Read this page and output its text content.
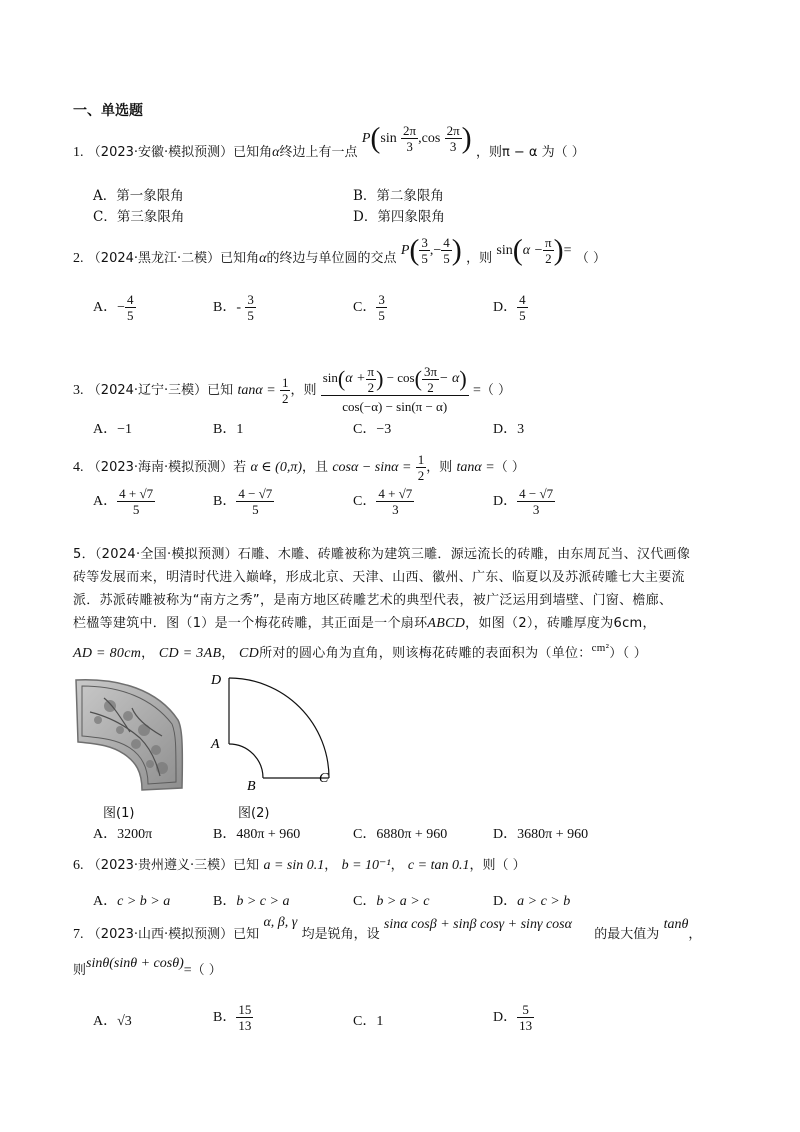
一、单选题
1. （2023·安徽·模拟预测）已知角α终边上有一点 $P(\sin \frac{2\pi}{3} ,\cos \frac{2\pi}{3}$ ) ，则π − α 为（ ）
A．第一象限角	B．第二象限角
C．第三象限角	D．第四象限角
2. （2024·黑龙江·二模）已知角α的终边与单位圆的交点 $P( \frac{3}{5}$ ,− $\frac{4}{5}$ ) ，则 $\sin(\alpha - \frac{\pi}{2}$ )= （ ）
A．− $\frac{4}{5}$	B．- $\frac{3}{5}$	C． $\frac{3}{5}$	D． $\frac{4}{5}$
3. （2024·辽宁·三模）已知 $\tan\alpha = \frac{1}{2}$ ，则 $\frac{\sin(\alpha + \frac{\pi}{2} ) - \cos( \frac{3\pi}{2} - \alpha)}{\cos(-\alpha) - \sin(\pi - \alpha)}$ =（ ）
A．−1	B．1	C．−3	D．3
4. （2023·海南·模拟预测）若 α ∈ (0,π)，且 $\cos\alpha - \sin\alpha = \frac{1}{2}$ ，则 tanα =（ ）
A． $\frac{4 + √7}{5}$	B． $\frac{4 - √7}{5}$	C． $\frac{4 + √7}{3}$	D． $\frac{4 - √7}{3}$
5．（2024·全国·模拟预测）石雕、木雕、砖雕被称为建筑三雕．源远流长的砖雕，由东周瓦当、汉代画像
砖等发展而来，明清时代进入巅峰，形成北京、天津、山西、徽州、广东、临夏以及苏派砖雕七大主要流
派．苏派砖雕被称为“南方之秀”，是南方地区砖雕艺术的典型代表，被广泛运用到墙壁、门窗、檐廊、
栏楹等建筑中．图（1）是一个梅花砖雕，其正面是一个扇环ABCD，如图（2），砖雕厚度为6cm，
AD = 80cm， CD = 3AB， CD所对的圆心角为直角，则该梅花砖雕的表面积为（单位：$^{cm^2}$）（ ）
D
A
B
C
图(1)	图(2)
A．3200π	B．480π + 960	C．6880π + 960	D．3680π + 960
6. （2023·贵州遵义·三模）已知 a = sin 0.1， b = 10⁻¹， c = tan 0.1，则（ ）
A．c > b > a	B．b > c > a	C．b > a > c	D．a > c > b
7. （2023·山西·模拟预测）已知 α, β, γ 均是锐角，设 sinα cosβ + sinβ cosγ + sinγ cosα 的最大值为 tanθ，
则sinθ(sinθ + cosθ)=（ ）
A．√3	B． $\frac{15}{13}$	C．1	D． $\frac{5}{13}$
